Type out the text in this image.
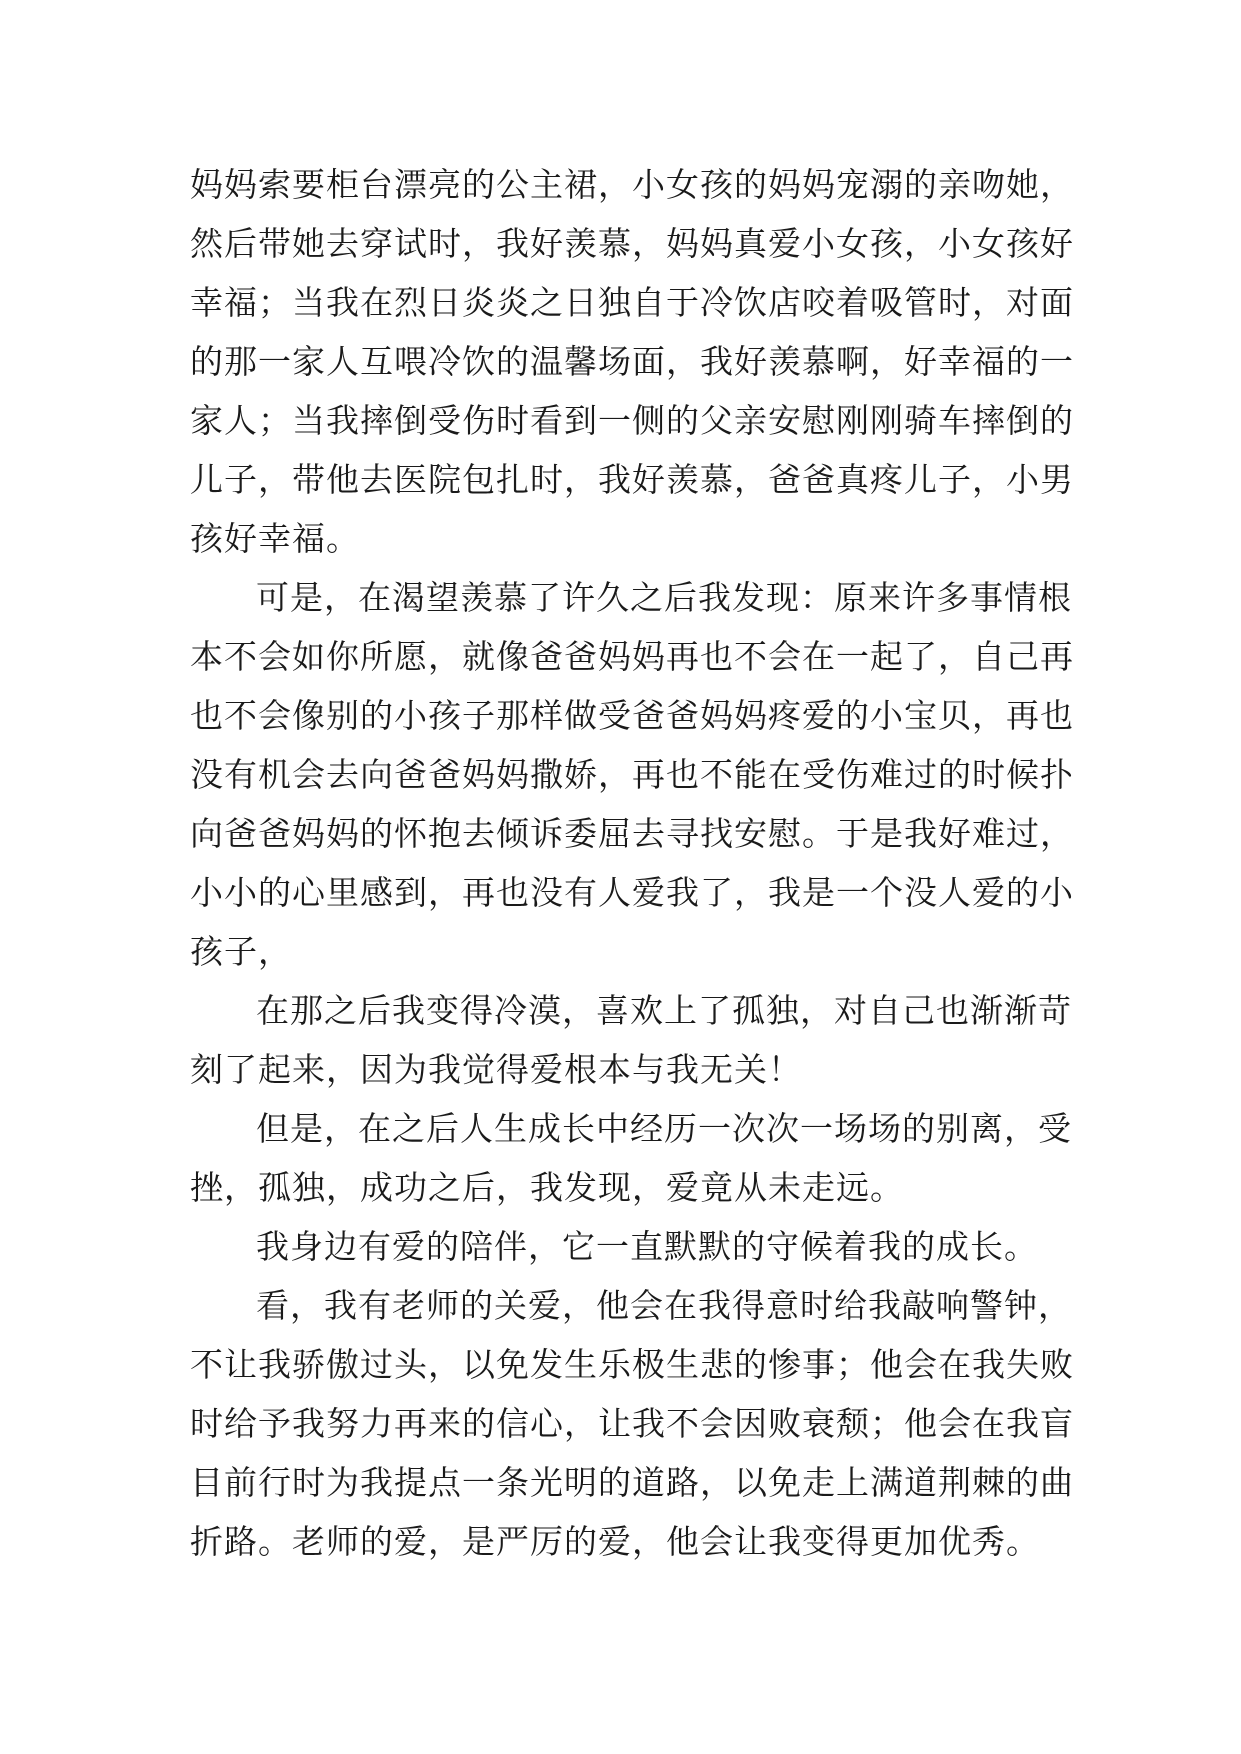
妈妈索要柜台漂亮的公主裙，小女孩的妈妈宠溺的亲吻她，
然后带她去穿试时，我好羡慕，妈妈真爱小女孩，小女孩好
幸福；当我在烈日炎炎之日独自于冷饮店咬着吸管时，对面
的那一家人互喂冷饮的温馨场面，我好羡慕啊，好幸福的一
家人；当我摔倒受伤时看到一侧的父亲安慰刚刚骑车摔倒的
儿子，带他去医院包扎时，我好羡慕，爸爸真疼儿子，小男
孩好幸福。
可是，在渴望羡慕了许久之后我发现：原来许多事情根
本不会如你所愿，就像爸爸妈妈再也不会在一起了，自己再
也不会像别的小孩子那样做受爸爸妈妈疼爱的小宝贝，再也
没有机会去向爸爸妈妈撒娇，再也不能在受伤难过的时候扑
向爸爸妈妈的怀抱去倾诉委屈去寻找安慰。于是我好难过，
小小的心里感到，再也没有人爱我了，我是一个没人爱的小
孩子，
在那之后我变得冷漠，喜欢上了孤独，对自己也渐渐苛
刻了起来，因为我觉得爱根本与我无关！
但是，在之后人生成长中经历一次次一场场的别离，受
挫，孤独，成功之后，我发现，爱竟从未走远。
我身边有爱的陪伴，它一直默默的守候着我的成长。
看，我有老师的关爱，他会在我得意时给我敲响警钟，
不让我骄傲过头，以免发生乐极生悲的惨事；他会在我失败
时给予我努力再来的信心，让我不会因败衰颓；他会在我盲
目前行时为我提点一条光明的道路，以免走上满道荆棘的曲
折路。老师的爱，是严厉的爱，他会让我变得更加优秀。
